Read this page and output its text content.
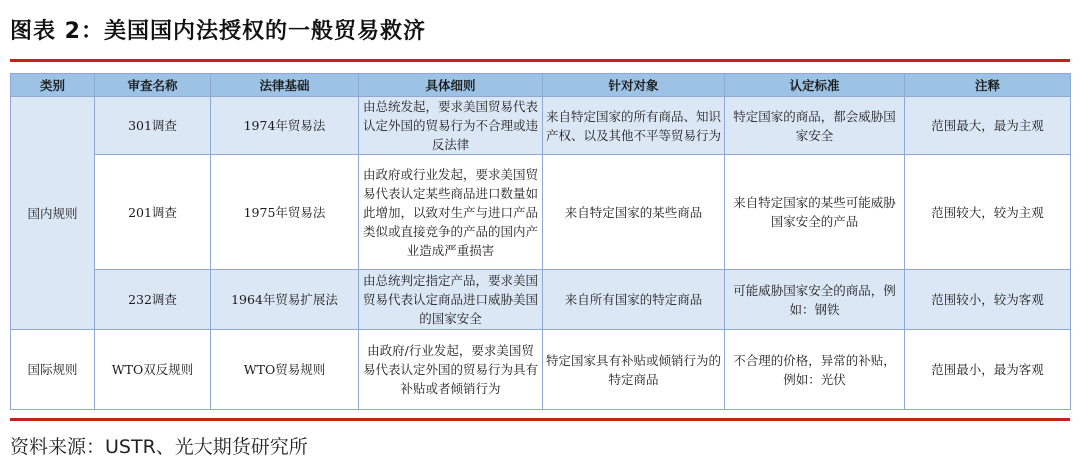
图表 2：美国国内法授权的一般贸易救济
类别	审查名称	法律基础	具体细则	针对对象	认定标准	注释
国内规则	301调查	1974年贸易法	由总统发起，要求美国贸易代表认定外国的贸易行为不合理或违反法律	来自特定国家的所有商品、知识产权、以及其他不平等贸易行为	特定国家的商品，都会威胁国家安全	范围最大，最为主观
	201调查	1975年贸易法	由政府或行业发起，要求美国贸易代表认定某些商品进口数量如此增加，以致对生产与进口产品类似或直接竞争的产品的国内产业造成严重损害	来自特定国家的某些商品	来自特定国家的某些可能威胁国家安全的产品	范围较大，较为主观
	232调查	1964年贸易扩展法	由总统判定指定产品，要求美国贸易代表认定商品进口威胁美国的国家安全	来自所有国家的特定商品	可能威胁国家安全的商品，例如：钢铁	范围较小，较为客观
国际规则	WTO双反规则	WTO贸易规则	由政府/行业发起，要求美国贸易代表认定外国的贸易行为具有补贴或者倾销行为	特定国家具有补贴或倾销行为的特定商品	不合理的价格，异常的补贴，例如：光伏	范围最小，最为客观
资料来源：USTR、光大期货研究所
